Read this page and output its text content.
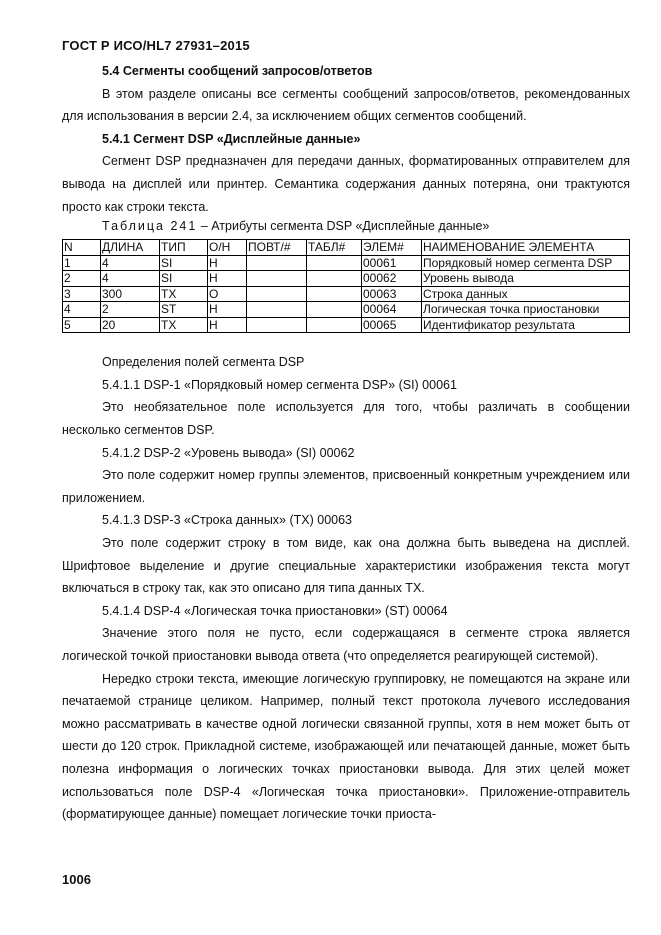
ГОСТ Р ИСО/HL7 27931–2015

5.4 Сегменты сообщений запросов/ответов

В этом разделе описаны все сегменты сообщений запросов/ответов, рекомендованных для использования в версии 2.4, за исключением общих сегментов сообщений.

5.4.1 Сегмент DSP «Дисплейные данные»

Сегмент DSP предназначен для передачи данных, форматированных отправителем для вывода на дисплей или принтер. Семантика содержания данных потеряна, они трактуются просто как строки текста.

Таблица 241 – Атрибуты сегмента DSP «Дисплейные данные»

N	ДЛИНА	ТИП	О/Н	ПОВТ/#	ТАБЛ#	ЭЛЕМ#	НАИМЕНОВАНИЕ ЭЛЕМЕНТА
1	4	SI	Н			00061	Порядковый номер сегмента DSP
2	4	SI	Н			00062	Уровень вывода
3	300	TX	О			00063	Строка данных
4	2	ST	Н			00064	Логическая точка приостановки
5	20	TX	Н			00065	Идентификатор результата

Определения полей сегмента DSP

5.4.1.1 DSP-1 «Порядковый номер сегмента DSP» (SI) 00061

Это необязательное поле используется для того, чтобы различать в сообщении несколько сегментов DSP.

5.4.1.2 DSP-2 «Уровень вывода» (SI) 00062

Это поле содержит номер группы элементов, присвоенный конкретным учреждением или приложением.

5.4.1.3 DSP-3 «Строка данных» (TX) 00063

Это поле содержит строку в том виде, как она должна быть выведена на дисплей. Шрифтовое выделение и другие специальные характеристики изображения текста могут включаться в строку так, как это описано для типа данных TX.

5.4.1.4 DSP-4 «Логическая точка приостановки» (ST) 00064

Значение этого поля не пусто, если содержащаяся в сегменте строка является логической точкой приостановки вывода ответа (что определяется реагирующей системой).

Нередко строки текста, имеющие логическую группировку, не помещаются на экране или печатаемой странице целиком. Например, полный текст протокола лучевого исследования можно рассматривать в качестве одной логически связанной группы, хотя в нем может быть от шести до 120 строк. Прикладной системе, изображающей или печатающей данные, может быть полезна информация о логических точках приостановки вывода. Для этих целей может использоваться поле DSP-4 «Логическая точка приостановки». Приложение-отправитель (форматирующее данные) помещает логические точки приоста-

1006
